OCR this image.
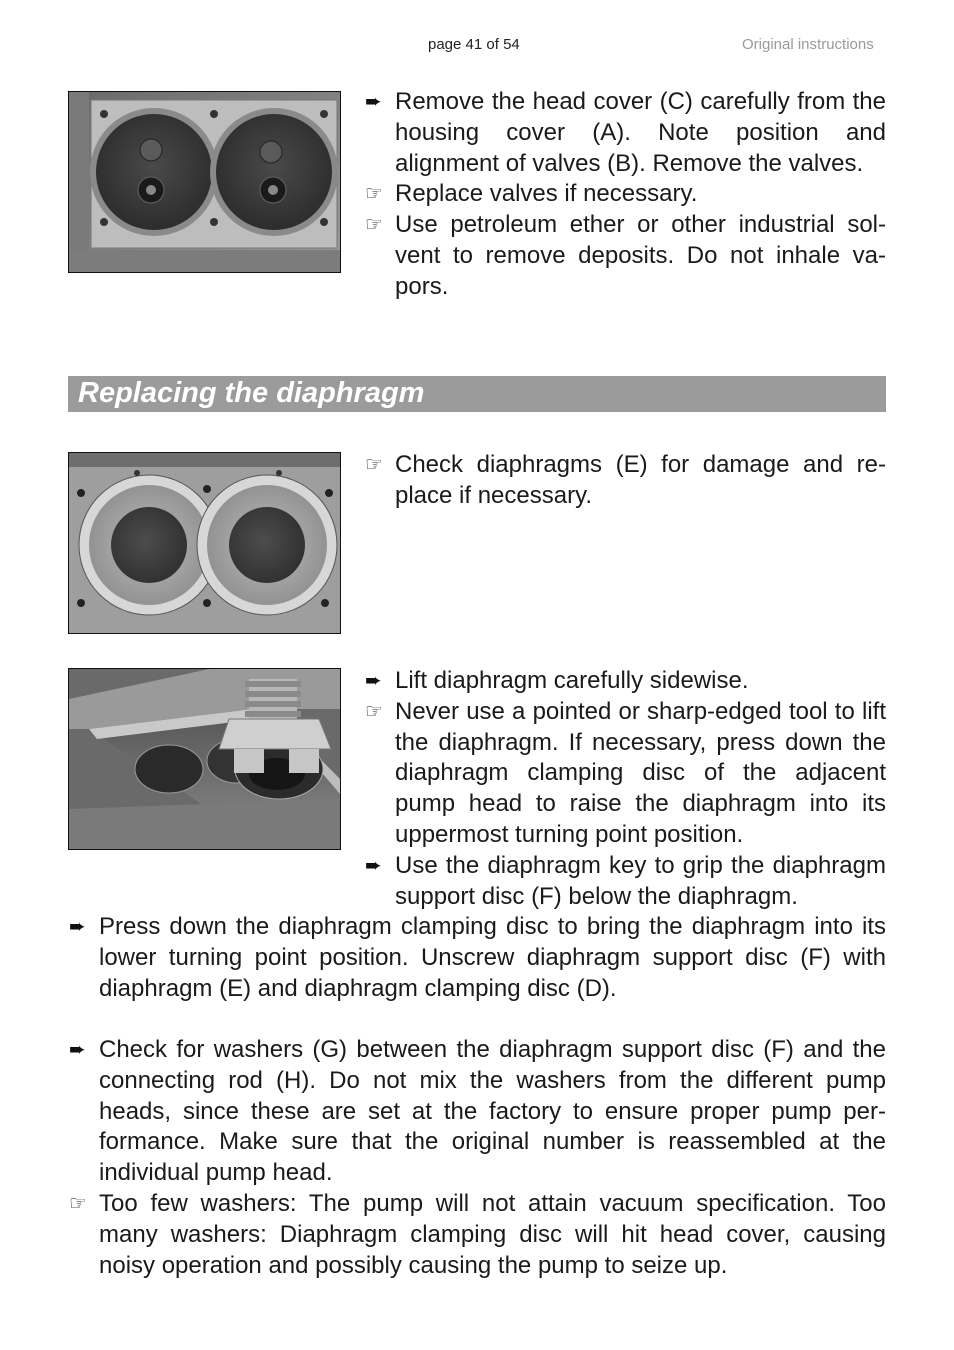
page 41 of 54	Original instructions
➨ Remove the head cover (C) carefully from the housing cover (A). Note position and alignment of valves (B). Remove the valves.
☞ Replace valves if necessary.
☞ Use petroleum ether or other industrial solvent to remove deposits. Do not inhale vapors.
Replacing the diaphragm
☞ Check diaphragms (E) for damage and replace if necessary.
➨ Lift diaphragm carefully sidewise.
☞ Never use a pointed or sharp-edged tool to lift the diaphragm. If necessary, press down the diaphragm clamping disc of the adjacent pump head to raise the diaphragm into its uppermost turning point position.
➨ Use the diaphragm key to grip the diaphragm support disc (F) below the diaphragm.
➨ Press down the diaphragm clamping disc to bring the diaphragm into its lower turning point position. Unscrew diaphragm support disc (F) with diaphragm (E) and diaphragm clamping disc (D).
➨ Check for washers (G) between the diaphragm support disc (F) and the connecting rod (H). Do not mix the washers from the different pump heads, since these are set at the factory to ensure proper pump performance. Make sure that the original number is reassembled at the individual pump head.
☞ Too few washers: The pump will not attain vacuum specification. Too many washers: Diaphragm clamping disc will hit head cover, causing noisy operation and possibly causing the pump to seize up.
